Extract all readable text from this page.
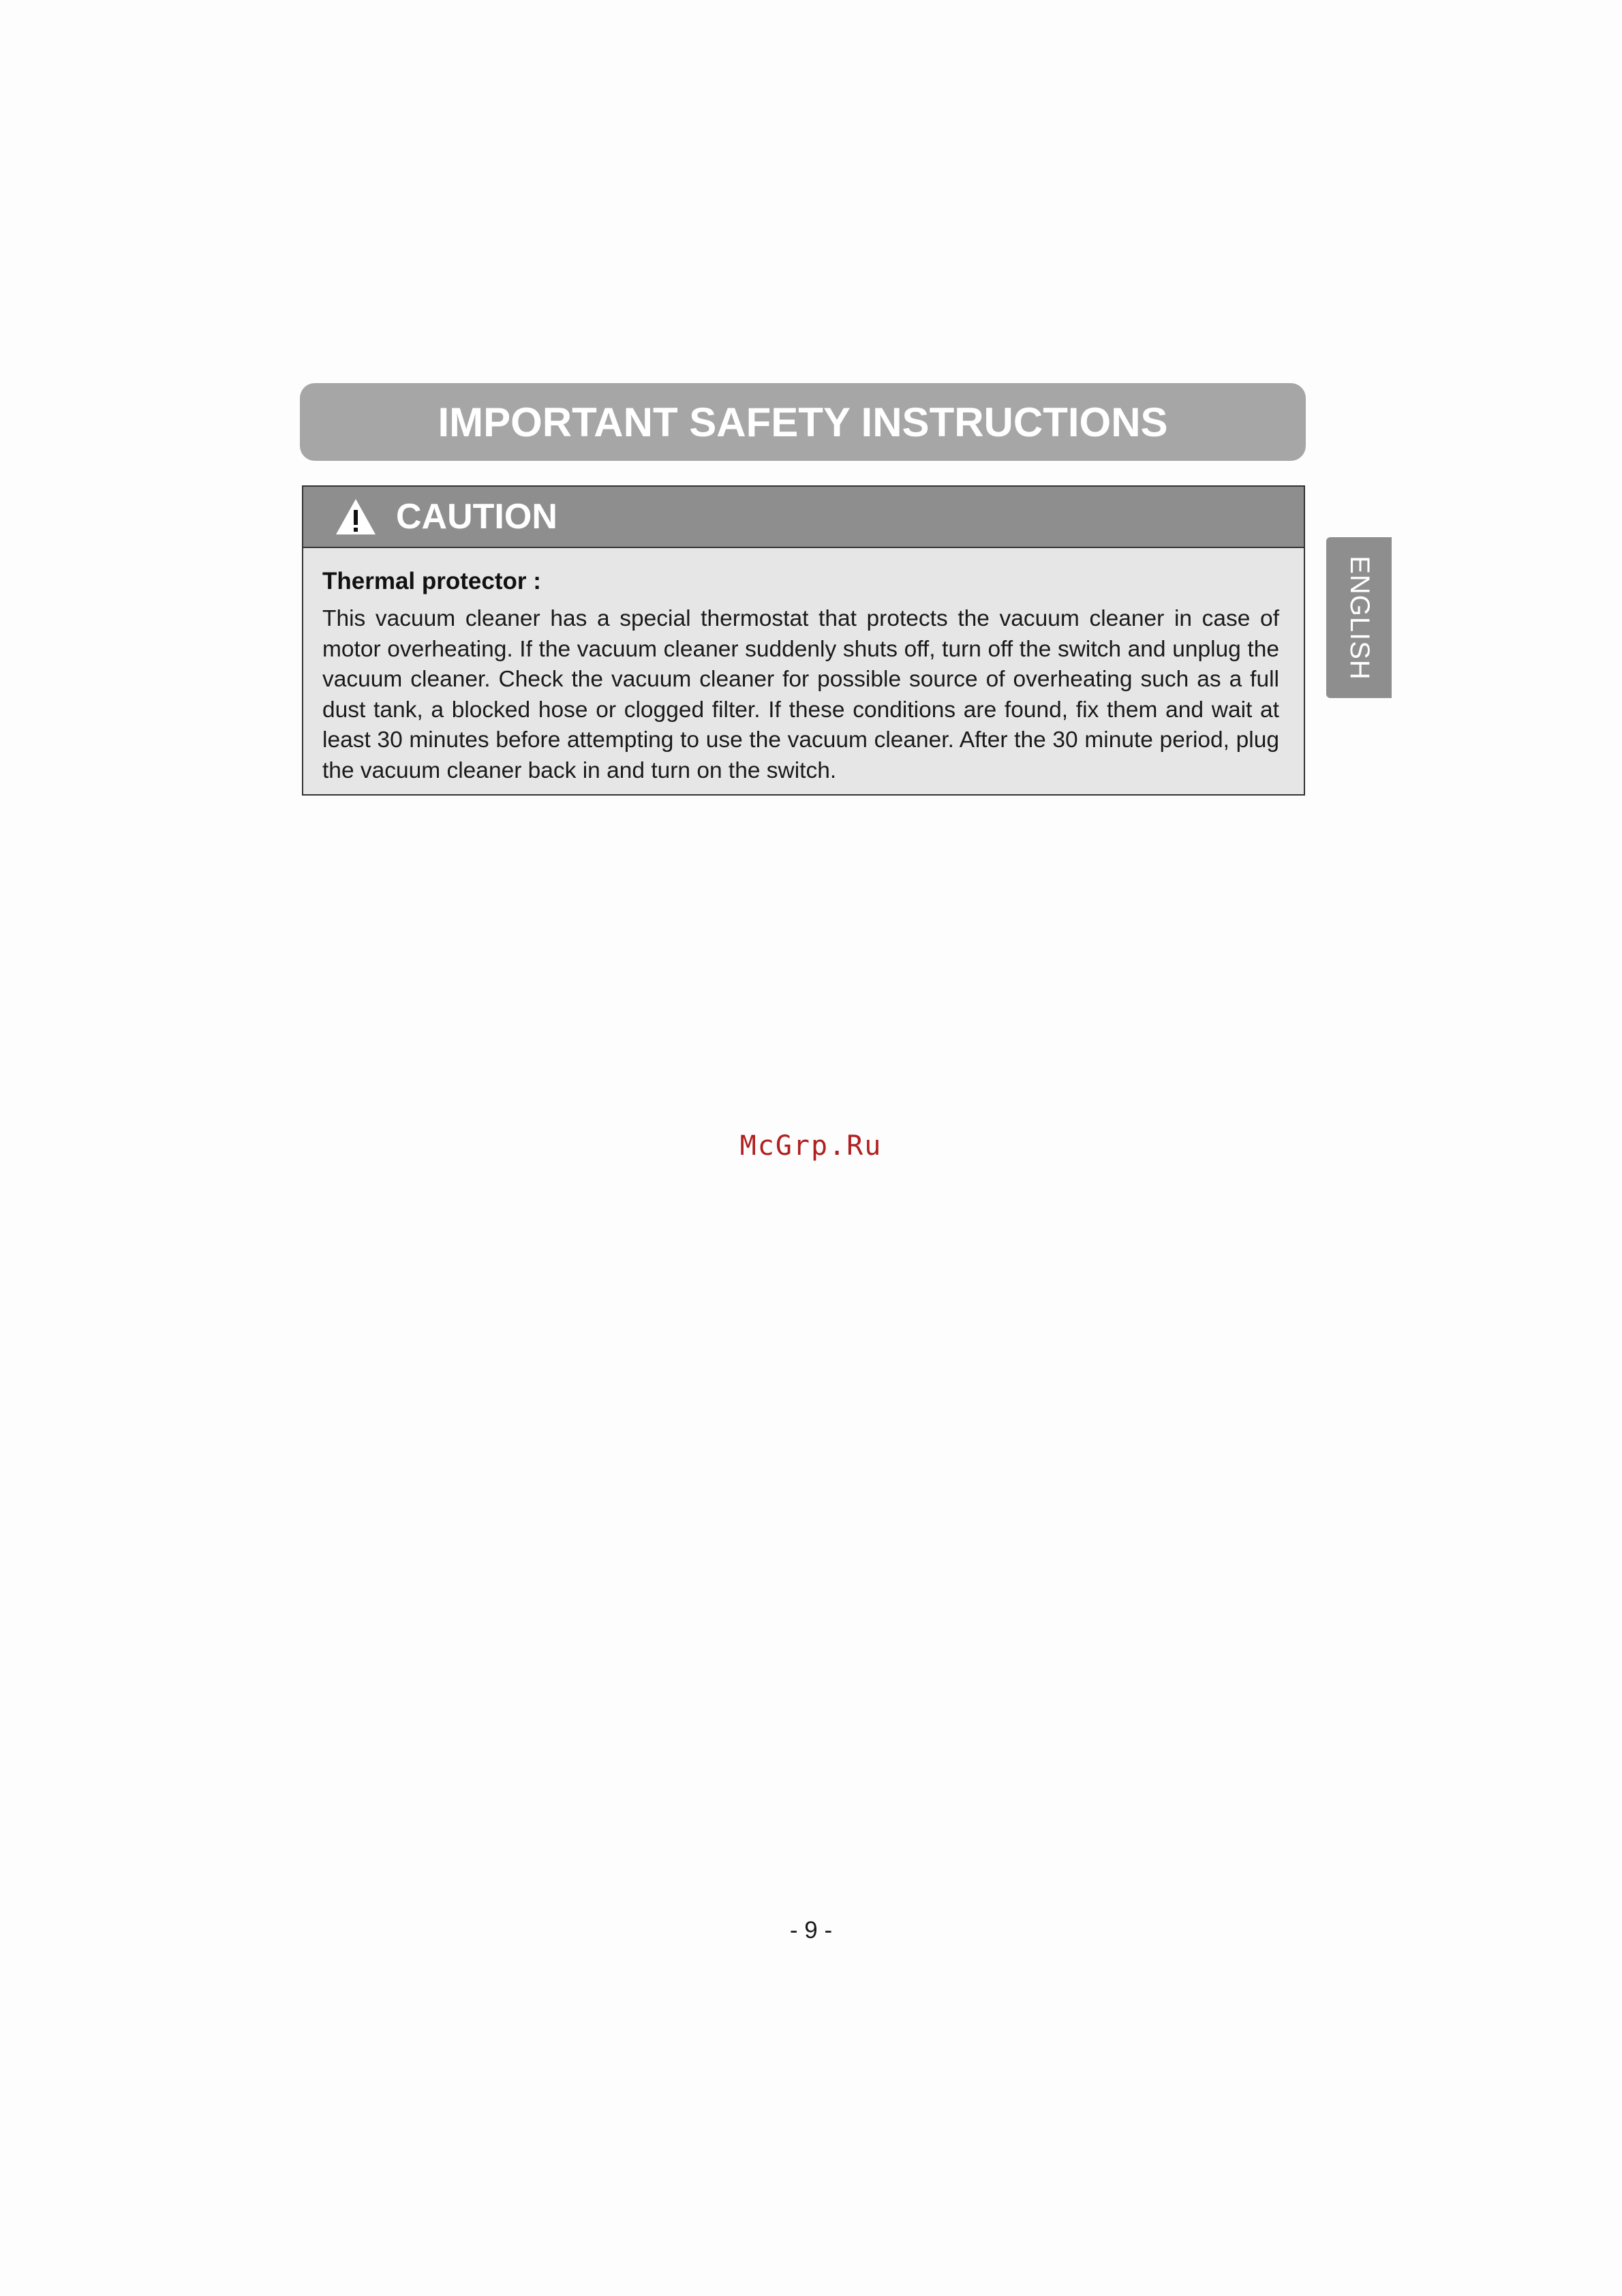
IMPORTANT SAFETY INSTRUCTIONS
CAUTION

Thermal protector :

This vacuum cleaner has a special thermostat that protects the vacuum cleaner in case of motor overheating. If the vacuum cleaner suddenly shuts off, turn off the switch and unplug the vacuum cleaner. Check the vacuum cleaner for possible source of overheating such as a full dust tank, a blocked hose or clogged filter. If these conditions are found, fix them and wait at least 30 minutes before attempting to use the vacuum cleaner. After the 30 minute period, plug the vacuum cleaner back in and turn on the switch.

ENGLISH
McGrp.Ru
- 9 -
